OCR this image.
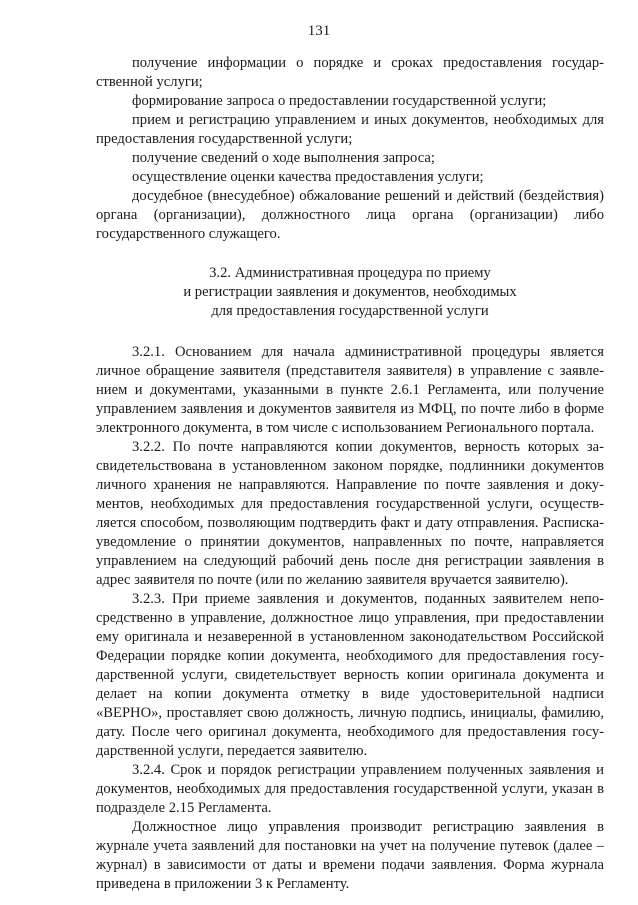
131

получение информации о порядке и сроках предоставления государственной услуги;

формирование запроса о предоставлении государственной услуги;

прием и регистрацию управлением и иных документов, необходимых для предоставления государственной услуги;

получение сведений о ходе выполнения запроса;

осуществление оценки качества предоставления услуги;

досудебное (внесудебное) обжалование решений и действий (бездействия) органа (организации), должностного лица органа (организации) либо государственного служащего.

3.2. Административная процедура по приему
и регистрации заявления и документов, необходимых
для предоставления государственной услуги

3.2.1. Основанием для начала административной процедуры является личное обращение заявителя (представителя заявителя) в управление с заявлением и документами, указанными в пункте 2.6.1 Регламента, или получение управлением заявления и документов заявителя из МФЦ, по почте либо в форме электронного документа, в том числе с использованием Регионального портала.

3.2.2. По почте направляются копии документов, верность которых засвидетельствована в установленном законом порядке, подлинники документов личного хранения не направляются. Направление по почте заявления и документов, необходимых для предоставления государственной услуги, осуществляется способом, позволяющим подтвердить факт и дату отправления. Расписка-уведомление о принятии документов, направленных по почте, направляется управлением на следующий рабочий день после дня регистрации заявления в адрес заявителя по почте (или по желанию заявителя вручается заявителю).

3.2.3. При приеме заявления и документов, поданных заявителем непосредственно в управление, должностное лицо управления, при предоставлении ему оригинала и незаверенной в установленном законодательством Российской Федерации порядке копии документа, необходимого для предоставления государственной услуги, свидетельствует верность копии оригинала документа и делает на копии документа отметку в виде удостоверительной надписи «ВЕРНО», проставляет свою должность, личную подпись, инициалы, фамилию, дату. После чего оригинал документа, необходимого для предоставления государственной услуги, передается заявителю.

3.2.4. Срок и порядок регистрации управлением полученных заявления и документов, необходимых для предоставления государственной услуги, указан в подразделе 2.15 Регламента.

Должностное лицо управления производит регистрацию заявления в журнале учета заявлений для постановки на учет на получение путевок (далее – журнал) в зависимости от даты и времени подачи заявления. Форма журнала приведена в приложении 3 к Регламенту.
